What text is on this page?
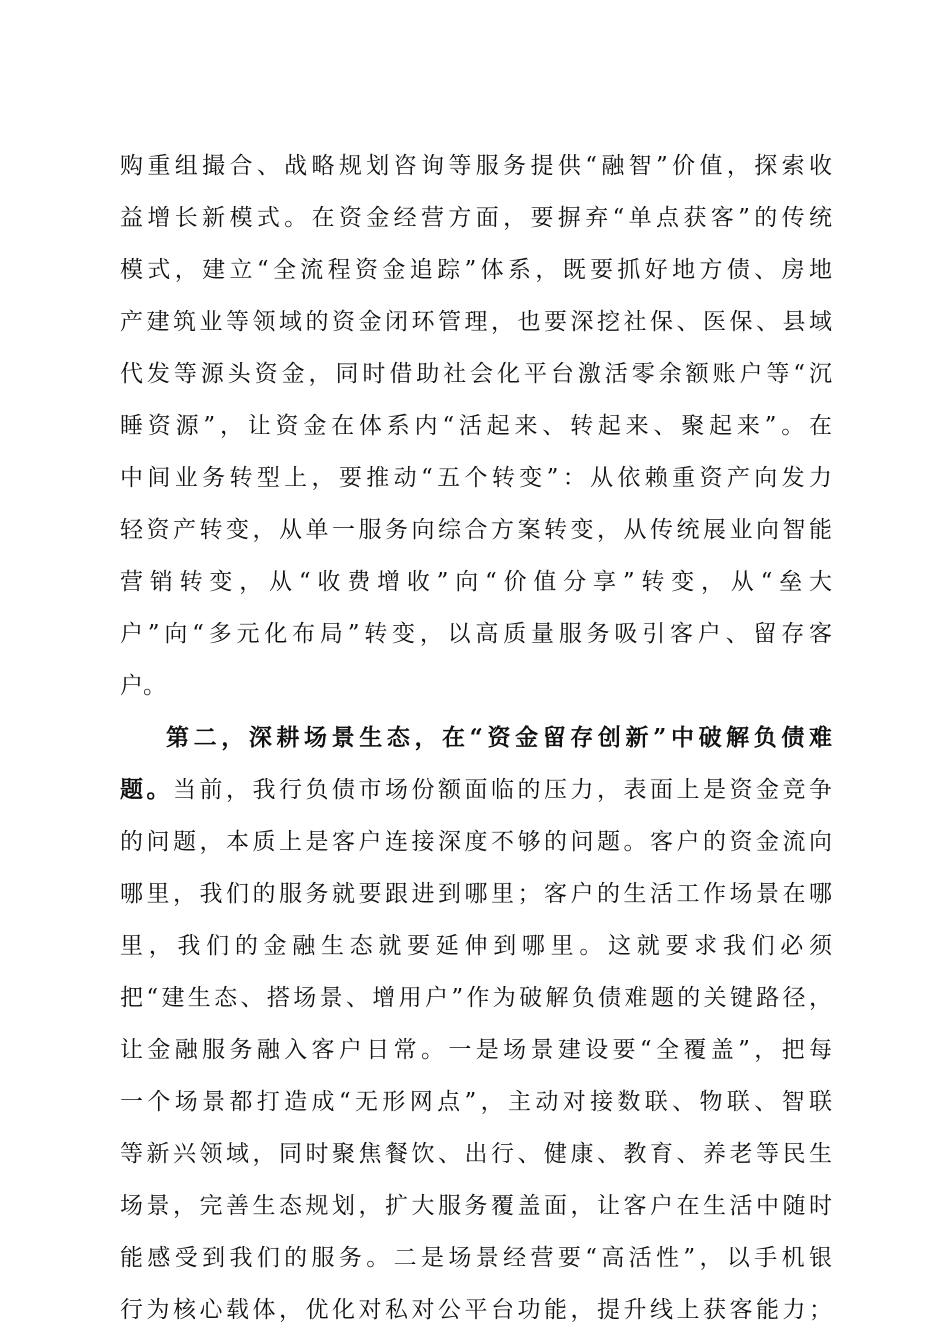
购重组撮合、战略规划咨询等服务提供“融智”价值，探索收
益增长新模式。在资金经营方面，要摒弃“单点获客”的传统
模式，建立“全流程资金追踪”体系，既要抓好地方债、房地
产建筑业等领域的资金闭环管理，也要深挖社保、医保、县域
代发等源头资金，同时借助社会化平台激活零余额账户等“沉
睡资源”，让资金在体系内“活起来、转起来、聚起来”。在
中间业务转型上，要推动“五个转变”：从依赖重资产向发力
轻资产转变，从单一服务向综合方案转变，从传统展业向智能
营销转变，从“收费增收”向“价值分享”转变，从“垒大
户”向“多元化布局”转变，以高质量服务吸引客户、留存客
户。
第二，深耕场景生态，在“资金留存创新”中破解负债难
题。当前，我行负债市场份额面临的压力，表面上是资金竞争
的问题，本质上是客户连接深度不够的问题。客户的资金流向
哪里，我们的服务就要跟进到哪里；客户的生活工作场景在哪
里，我们的金融生态就要延伸到哪里。这就要求我们必须
把“建生态、搭场景、增用户”作为破解负债难题的关键路径，
让金融服务融入客户日常。一是场景建设要“全覆盖”，把每
一个场景都打造成“无形网点”，主动对接数联、物联、智联
等新兴领域，同时聚焦餐饮、出行、健康、教育、养老等民生
场景，完善生态规划，扩大服务覆盖面，让客户在生活中随时
能感受到我们的服务。二是场景经营要“高活性”，以手机银
行为核心载体，优化对私对公平台功能，提升线上获客能力；
